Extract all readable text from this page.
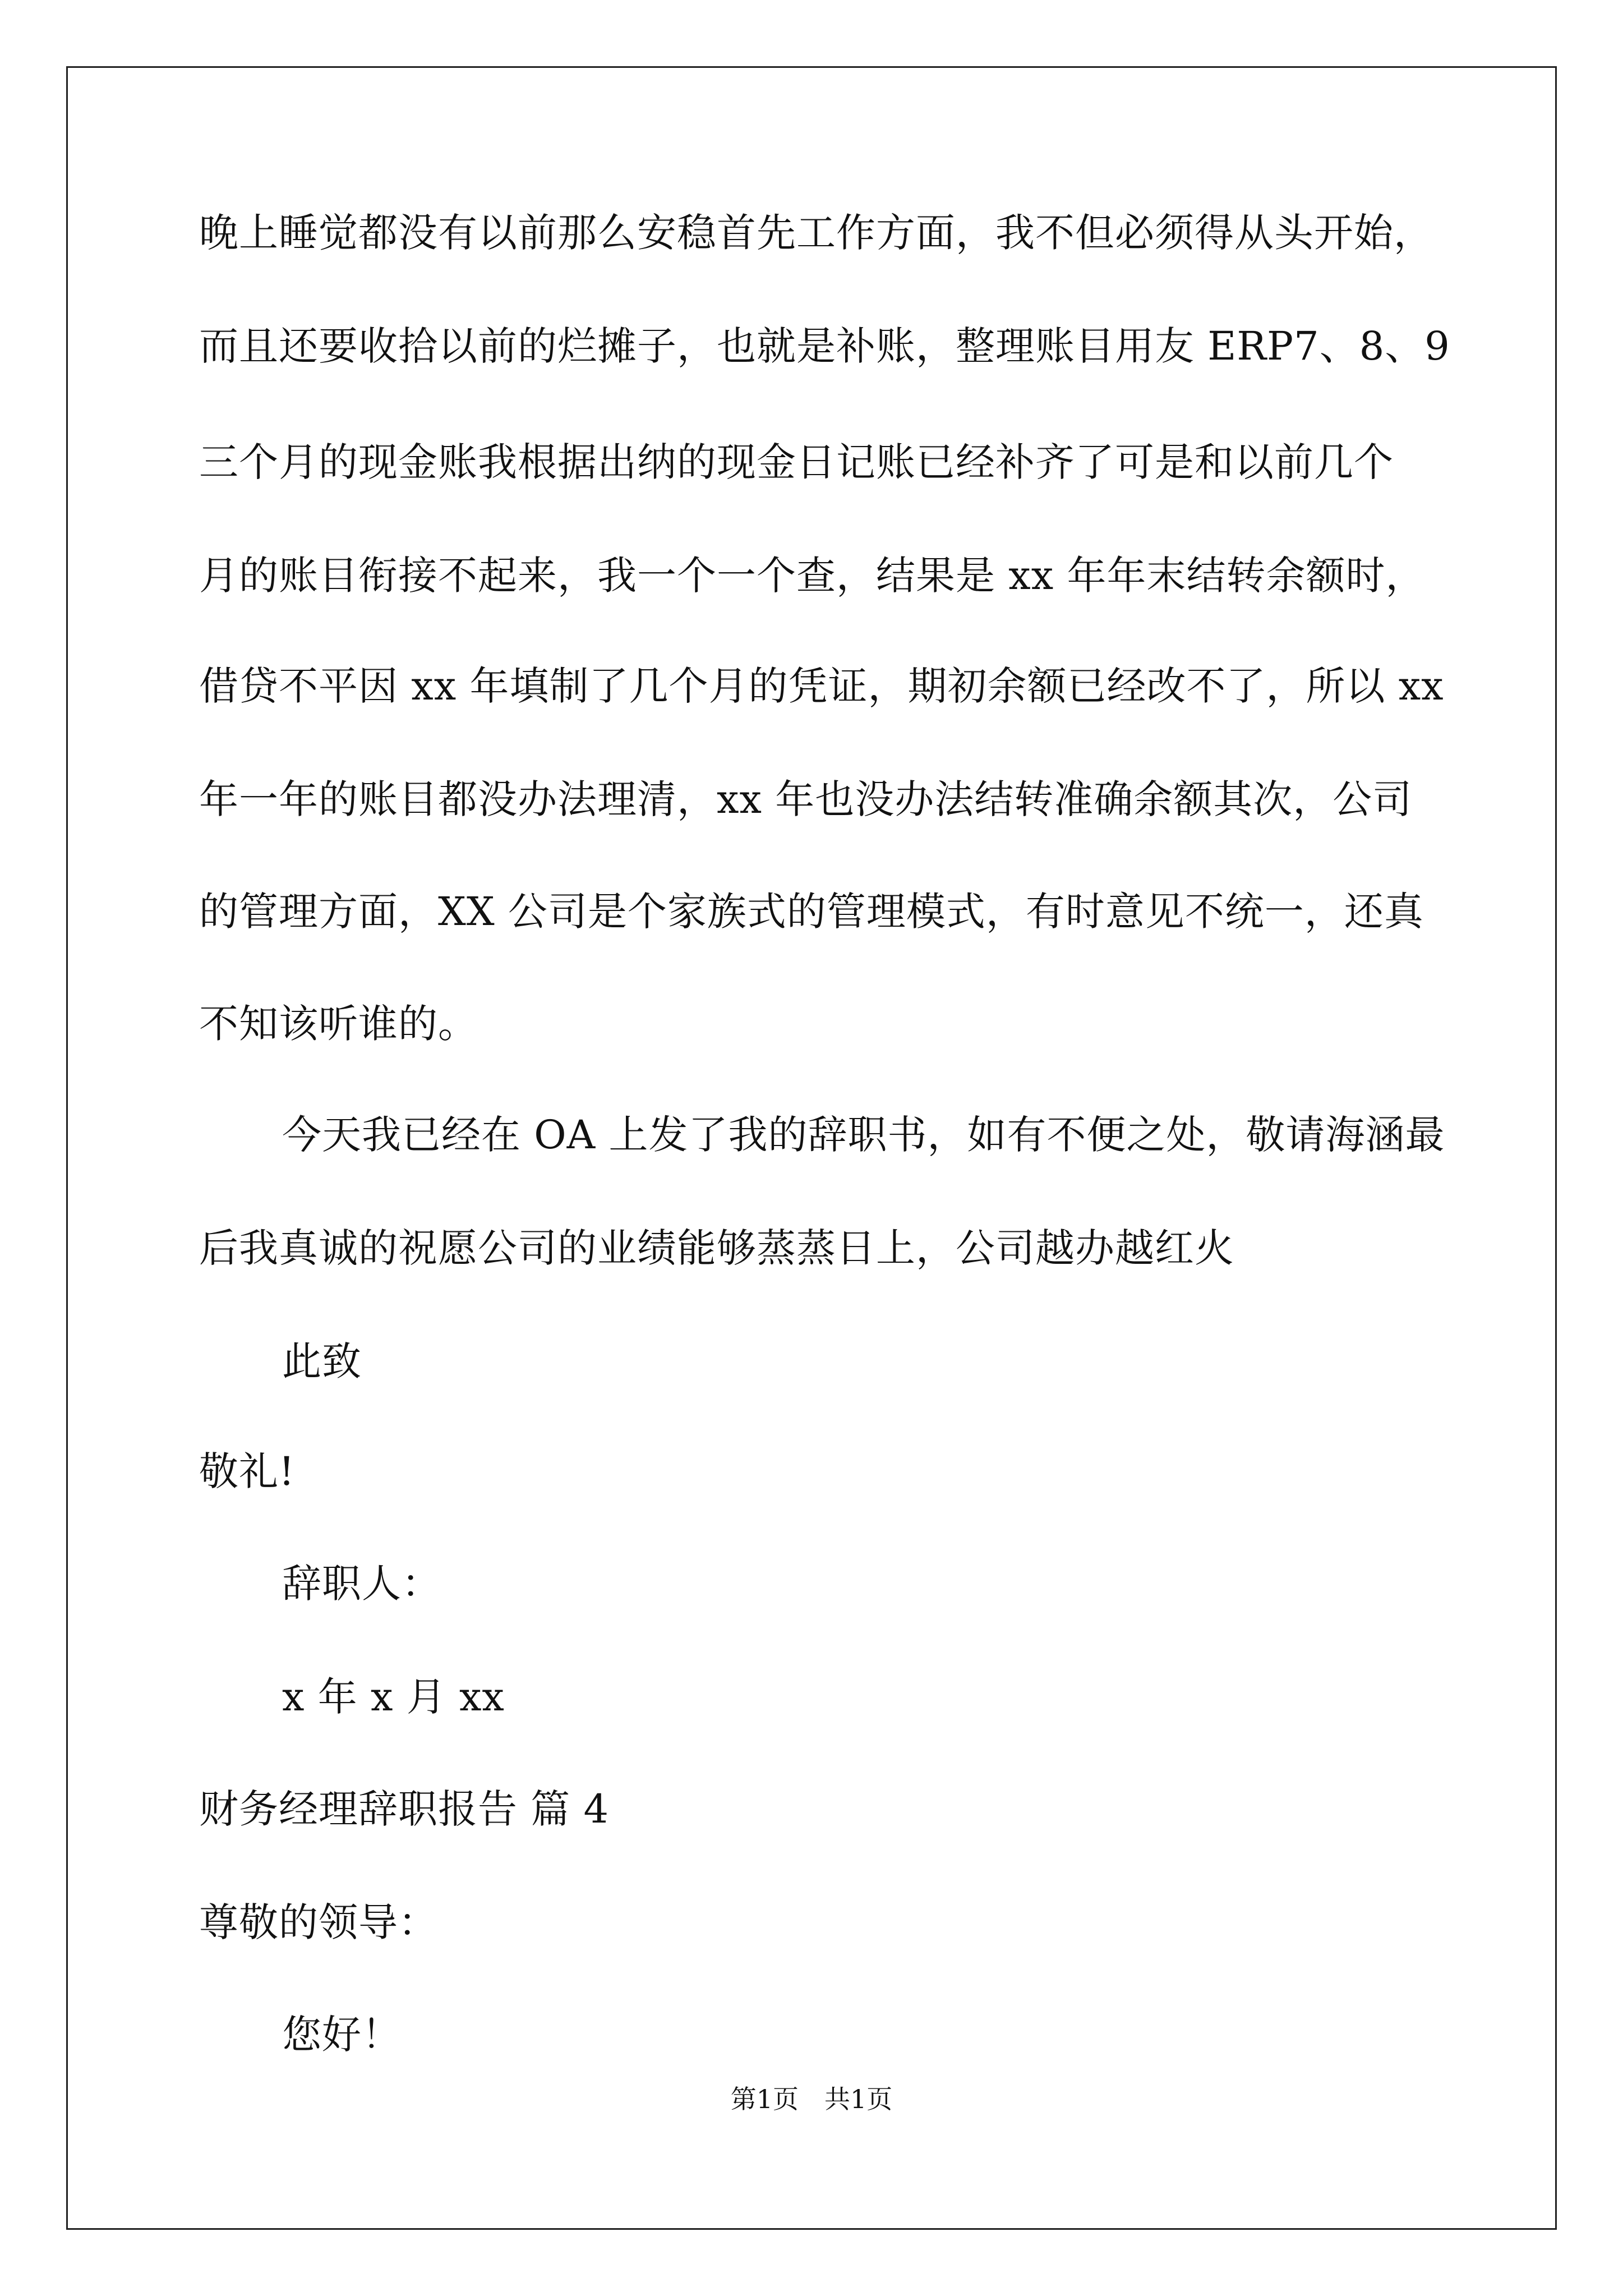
晚上睡觉都没有以前那么安稳首先工作方面，我不但必须得从头开始，
而且还要收拾以前的烂摊子，也就是补账，整理账目用友 ERP7、8、9
三个月的现金账我根据出纳的现金日记账已经补齐了可是和以前几个
月的账目衔接不起来，我一个一个查，结果是 xx 年年末结转余额时，
借贷不平因 xx 年填制了几个月的凭证，期初余额已经改不了，所以 xx
年一年的账目都没办法理清，xx 年也没办法结转准确余额其次，公司
的管理方面，XX 公司是个家族式的管理模式，有时意见不统一，还真
不知该听谁的。
今天我已经在 OA 上发了我的辞职书，如有不便之处，敬请海涵最
后我真诚的祝愿公司的业绩能够蒸蒸日上，公司越办越红火
此致
敬礼!
辞职人：
x 年 x 月 xx
财务经理辞职报告 篇 4
尊敬的领导：
您好！
第1页　共1页
